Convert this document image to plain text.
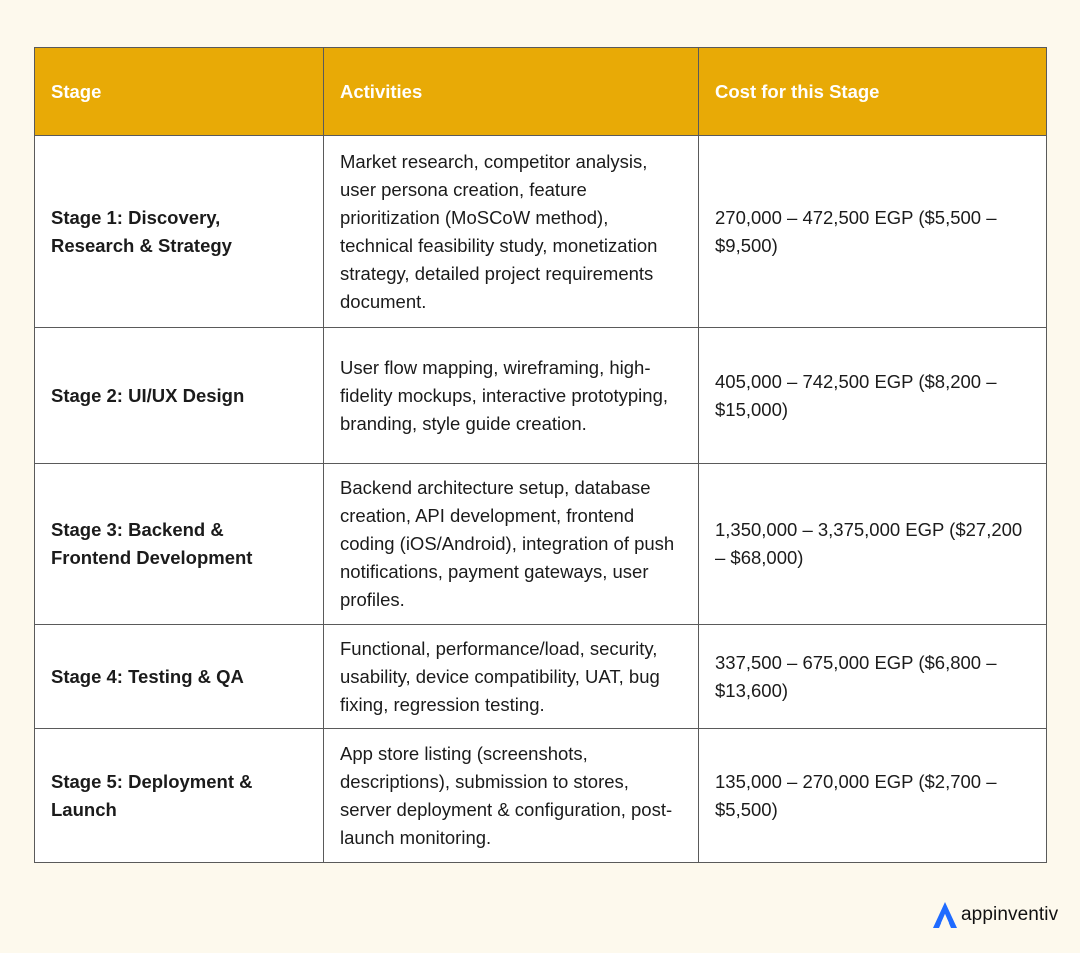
Stage	Activities	Cost for this Stage
Stage 1: Discovery, Research & Strategy	Market research, competitor analysis, user persona creation, feature prioritization (MoSCoW method), technical feasibility study, monetization strategy, detailed project requirements document.	270,000 – 472,500 EGP ($5,500 – $9,500)
Stage 2: UI/UX Design	User flow mapping, wireframing, high-fidelity mockups, interactive prototyping, branding, style guide creation.	405,000 – 742,500 EGP ($8,200 – $15,000)
Stage 3: Backend & Frontend Development	Backend architecture setup, database creation, API development, frontend coding (iOS/Android), integration of push notifications, payment gateways, user profiles.	1,350,000 – 3,375,000 EGP ($27,200 – $68,000)
Stage 4: Testing & QA	Functional, performance/load, security, usability, device compatibility, UAT, bug fixing, regression testing.	337,500 – 675,000 EGP ($6,800 – $13,600)
Stage 5: Deployment & Launch	App store listing (screenshots, descriptions), submission to stores, server deployment & configuration, post-launch monitoring.	135,000 – 270,000 EGP ($2,700 – $5,500)
appinventiv
